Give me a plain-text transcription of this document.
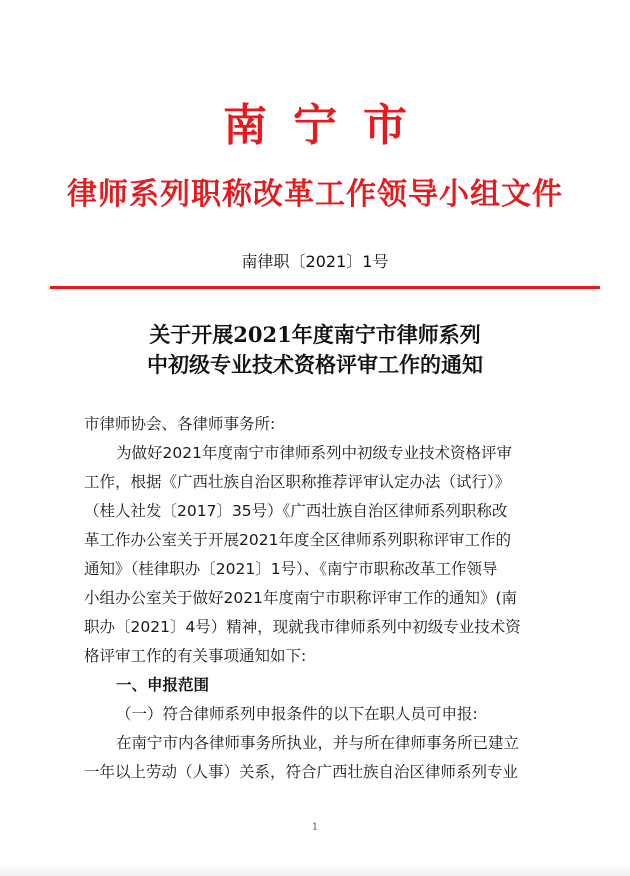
南宁市
律师系列职称改革工作领导小组文件
南律职〔2021〕1号
关于开展2021年度南宁市律师系列
中初级专业技术资格评审工作的通知
市律师协会、各律师事务所:
为做好2021年度南宁市律师系列中初级专业技术资格评审
工作，根据《广西壮族自治区职称推荐评审认定办法（试行）》
（桂人社发〔2017〕35号）《广西壮族自治区律师系列职称改
革工作办公室关于开展2021年度全区律师系列职称评审工作的
通知》（桂律职办〔2021〕1号）、《南宁市职称改革工作领导
小组办公室关于做好2021年度南宁市职称评审工作的通知》(南
职办〔2021〕4号）精神，现就我市律师系列中初级专业技术资
格评审工作的有关事项通知如下:
一、申报范围
（一）符合律师系列申报条件的以下在职人员可申报:
在南宁市内各律师事务所执业，并与所在律师事务所已建立
一年以上劳动（人事）关系，符合广西壮族自治区律师系列专业
1
